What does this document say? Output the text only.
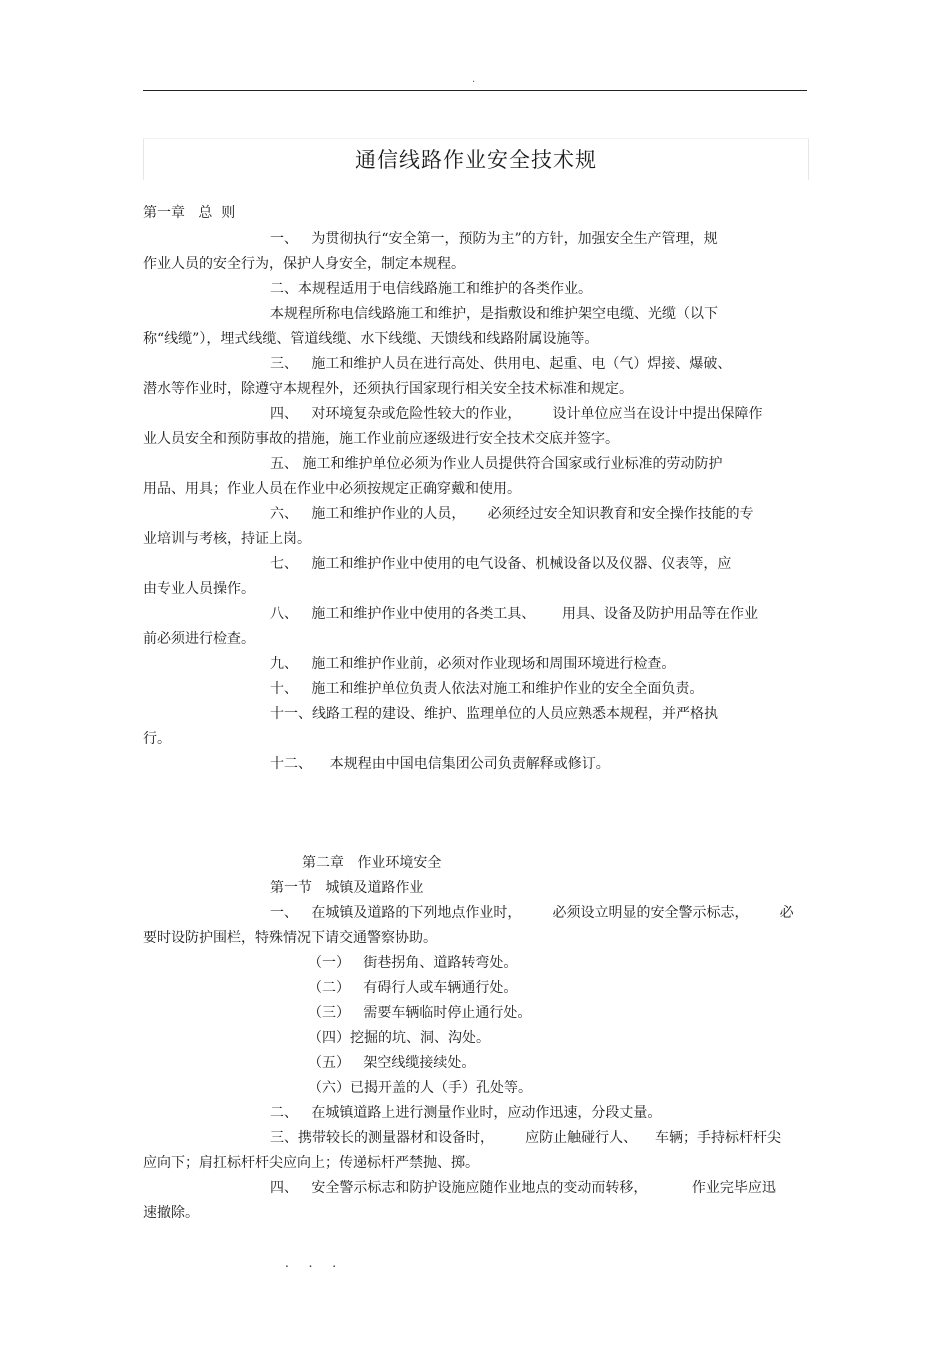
.
通信线路作业安全技术规
第一章   总  则
一、   为贯彻执行“安全第一，预防为主”的方针，加强安全生产管理，规
作业人员的安全行为，保护人身安全，制定本规程。
二、本规程适用于电信线路施工和维护的各类作业。
本规程所称电信线路施工和维护，是指敷设和维护架空电缆、光缆（以下
称“线缆”），埋式线缆、管道线缆、水下线缆、天馈线和线路附属设施等。
三、   施工和维护人员在进行高处、供用电、起重、电（气）焊接、爆破、
潜水等作业时，除遵守本规程外，还须执行国家现行相关安全技术标准和规定。
四、   对环境复杂或危险性较大的作业，       设计单位应当在设计中提出保障作
业人员安全和预防事故的措施，施工作业前应逐级进行安全技术交底并签字。
五、 施工和维护单位必须为作业人员提供符合国家或行业标准的劳动防护
用品、用具；作业人员在作业中必须按规定正确穿戴和使用。
六、   施工和维护作业的人员，     必须经过安全知识教育和安全操作技能的专
业培训与考核，持证上岗。
七、   施工和维护作业中使用的电气设备、机械设备以及仪器、仪表等，应
由专业人员操作。
八、   施工和维护作业中使用的各类工具、      用具、设备及防护用品等在作业
前必须进行检查。
九、   施工和维护作业前，必须对作业现场和周围环境进行检查。
十、   施工和维护单位负责人依法对施工和维护作业的安全全面负责。
十一、线路工程的建设、维护、监理单位的人员应熟悉本规程，并严格执
行。
十二、    本规程由中国电信集团公司负责解释或修订。
第二章   作业环境安全
第一节   城镇及道路作业
一、   在城镇及道路的下列地点作业时，       必须设立明显的安全警示标志，       必
要时设防护围栏，特殊情况下请交通警察协助。
（一）   街巷拐角、道路转弯处。
（二）   有碍行人或车辆通行处。
（三）   需要车辆临时停止通行处。
（四）挖掘的坑、洞、沟处。
（五）   架空线缆接续处。
（六）已揭开盖的人（手）孔处等。
二、   在城镇道路上进行测量作业时，应动作迅速，分段丈量。
三、携带较长的测量器材和设备时，       应防止触碰行人、    车辆；手持标杆杆尖
应向下；肩扛标杆杆尖应向上；传递标杆严禁抛、掷。
四、   安全警示标志和防护设施应随作业地点的变动而转移，          作业完毕应迅
速撤除。
. . .
